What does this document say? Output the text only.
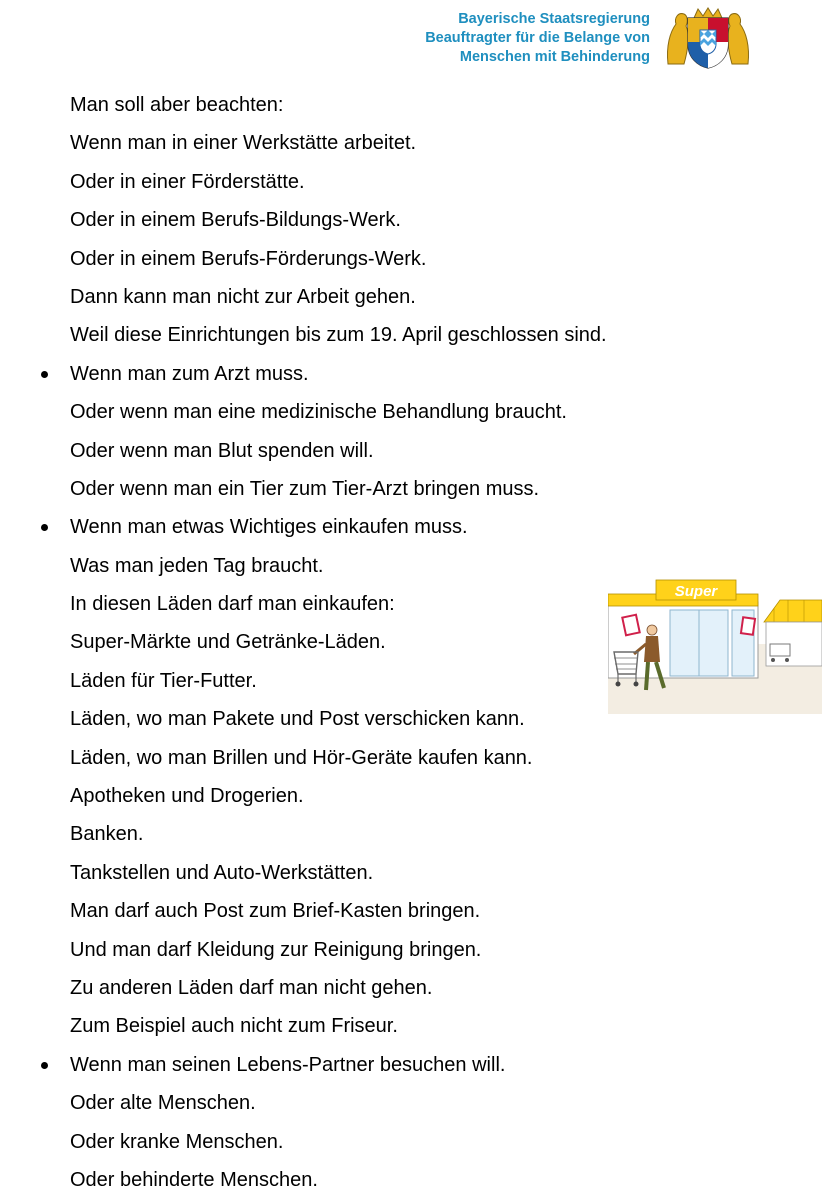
Bayerische Staatsregierung
Beauftragter für die Belange von
Menschen mit Behinderung
Man soll aber beachten:
Wenn man in einer Werkstätte arbeitet.
Oder in einer Förderstätte.
Oder in einem Berufs-Bildungs-Werk.
Oder in einem Berufs-Förderungs-Werk.
Dann kann man nicht zur Arbeit gehen.
Weil diese Einrichtungen bis zum 19. April geschlossen sind.
Wenn man zum Arzt muss.
Oder wenn man eine medizinische Behandlung braucht.
Oder wenn man Blut spenden will.
Oder wenn man ein Tier zum Tier-Arzt bringen muss.
Wenn man etwas Wichtiges einkaufen muss.
Was man jeden Tag braucht.
In diesen Läden darf man einkaufen:
Super-Märkte und Getränke-Läden.
Läden für Tier-Futter.
Läden, wo man Pakete und Post verschicken kann.
Läden, wo man Brillen und Hör-Geräte kaufen kann.
Apotheken und Drogerien.
Banken.
Tankstellen und Auto-Werkstätten.
Man darf auch Post zum Brief-Kasten bringen.
Und man darf Kleidung zur Reinigung bringen.
Zu anderen Läden darf man nicht gehen.
Zum Beispiel auch nicht zum Friseur.
Wenn man seinen Lebens-Partner besuchen will.
Oder alte Menschen.
Oder kranke Menschen.
Oder behinderte Menschen.
Super
